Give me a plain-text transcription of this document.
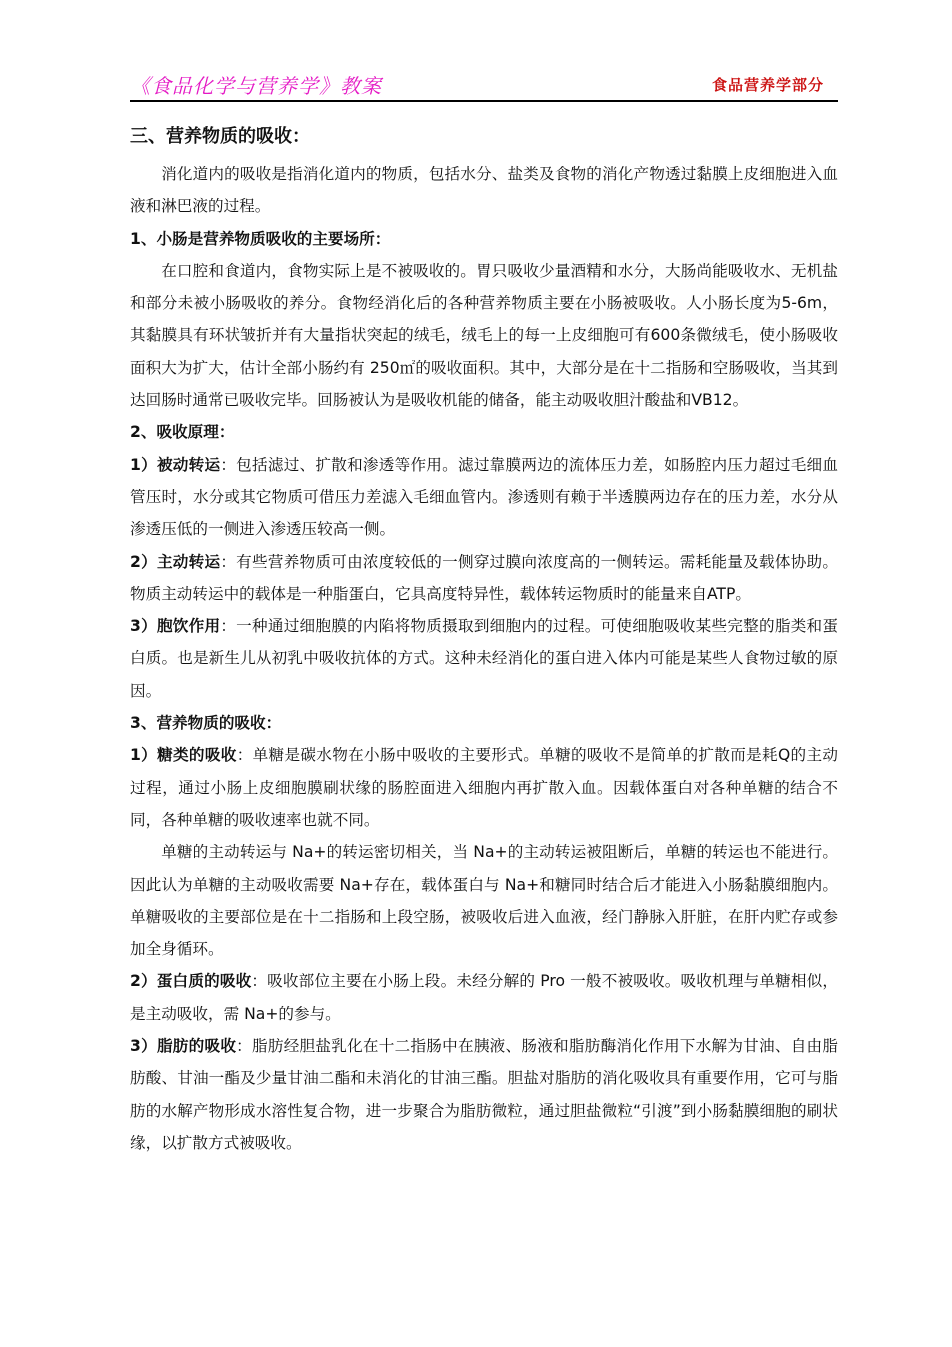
《食品化学与营养学》教案	食品营养学部分
三、营养物质的吸收：

消化道内的吸收是指消化道内的物质，包括水分、盐类及食物的消化产物透过黏膜上皮细胞进入血液和淋巴液的过程。

1、小肠是营养物质吸收的主要场所：

在口腔和食道内，食物实际上是不被吸收的。胃只吸收少量酒精和水分，大肠尚能吸收水、无机盐和部分未被小肠吸收的养分。食物经消化后的各种营养物质主要在小肠被吸收。人小肠长度为5-6m，其黏膜具有环状皱折并有大量指状突起的绒毛，绒毛上的每一上皮细胞可有600条微绒毛，使小肠吸收面积大为扩大，估计全部小肠约有 250㎡的吸收面积。其中，大部分是在十二指肠和空肠吸收，当其到达回肠时通常已吸收完毕。回肠被认为是吸收机能的储备，能主动吸收胆汁酸盐和VB12。

2、吸收原理：

1）被动转运：包括滤过、扩散和渗透等作用。滤过靠膜两边的流体压力差，如肠腔内压力超过毛细血管压时，水分或其它物质可借压力差滤入毛细血管内。渗透则有赖于半透膜两边存在的压力差，水分从渗透压低的一侧进入渗透压较高一侧。

2）主动转运：有些营养物质可由浓度较低的一侧穿过膜向浓度高的一侧转运。需耗能量及载体协助。物质主动转运中的载体是一种脂蛋白，它具高度特异性，载体转运物质时的能量来自ATP。

3）胞饮作用：一种通过细胞膜的内陷将物质摄取到细胞内的过程。可使细胞吸收某些完整的脂类和蛋白质。也是新生儿从初乳中吸收抗体的方式。这种未经消化的蛋白进入体内可能是某些人食物过敏的原因。

3、营养物质的吸收：

1）糖类的吸收：单糖是碳水物在小肠中吸收的主要形式。单糖的吸收不是简单的扩散而是耗Q的主动过程，通过小肠上皮细胞膜刷状缘的肠腔面进入细胞内再扩散入血。因载体蛋白对各种单糖的结合不同，各种单糖的吸收速率也就不同。

单糖的主动转运与 Na+的转运密切相关，当 Na+的主动转运被阻断后，单糖的转运也不能进行。因此认为单糖的主动吸收需要 Na+存在，载体蛋白与 Na+和糖同时结合后才能进入小肠黏膜细胞内。单糖吸收的主要部位是在十二指肠和上段空肠，被吸收后进入血液，经门静脉入肝脏，在肝内贮存或参加全身循环。

2）蛋白质的吸收：吸收部位主要在小肠上段。未经分解的 Pro 一般不被吸收。吸收机理与单糖相似，是主动吸收，需 Na+的参与。

3）脂肪的吸收：脂肪经胆盐乳化在十二指肠中在胰液、肠液和脂肪酶消化作用下水解为甘油、自由脂肪酸、甘油一酯及少量甘油二酯和未消化的甘油三酯。胆盐对脂肪的消化吸收具有重要作用，它可与脂肪的水解产物形成水溶性复合物，进一步聚合为脂肪微粒，通过胆盐微粒“引渡”到小肠黏膜细胞的刷状缘，以扩散方式被吸收。
